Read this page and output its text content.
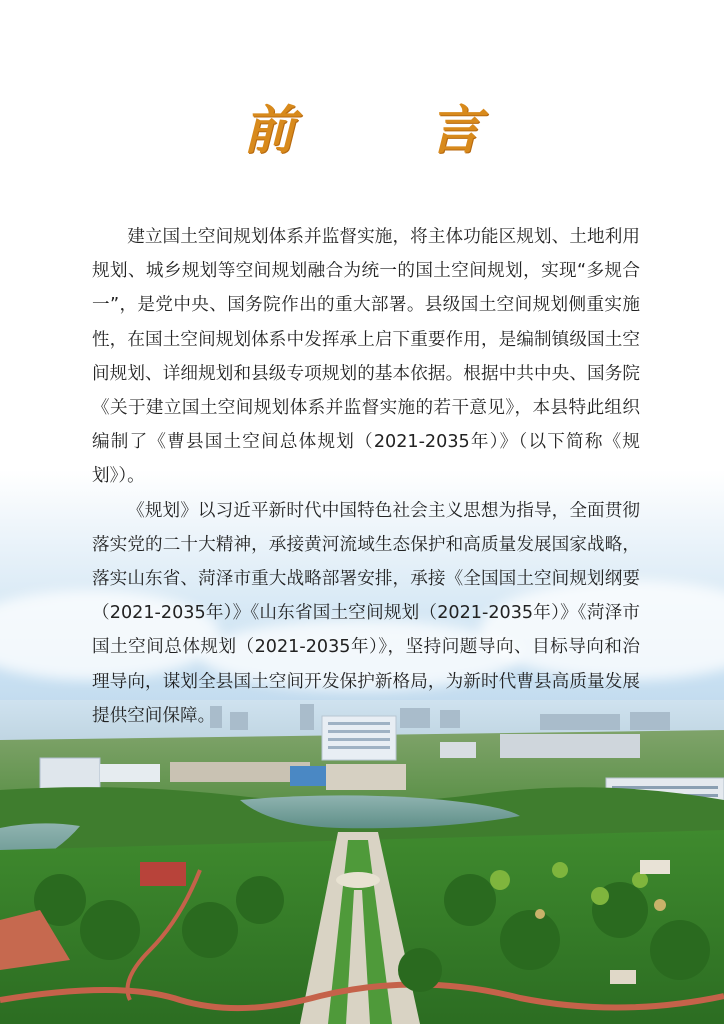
前 言

建立国土空间规划体系并监督实施，将主体功能区规划、土地利用规划、城乡规划等空间规划融合为统一的国土空间规划，实现“多规合一”，是党中央、国务院作出的重大部署。县级国土空间规划侧重实施性，在国土空间规划体系中发挥承上启下重要作用，是编制镇级国土空间规划、详细规划和县级专项规划的基本依据。根据中共中央、国务院《关于建立国土空间规划体系并监督实施的若干意见》，本县特此组织编制了《曹县国土空间总体规划（2021-2035年）》（以下简称《规划》）。

《规划》以习近平新时代中国特色社会主义思想为指导，全面贯彻落实党的二十大精神，承接黄河流域生态保护和高质量发展国家战略，落实山东省、菏泽市重大战略部署安排，承接《全国国土空间规划纲要（2021-2035年）》《山东省国土空间规划（2021-2035年）》《菏泽市国土空间总体规划（2021-2035年）》，坚持问题导向、目标导向和治理导向，谋划全县国土空间开发保护新格局，为新时代曹县高质量发展提供空间保障。
